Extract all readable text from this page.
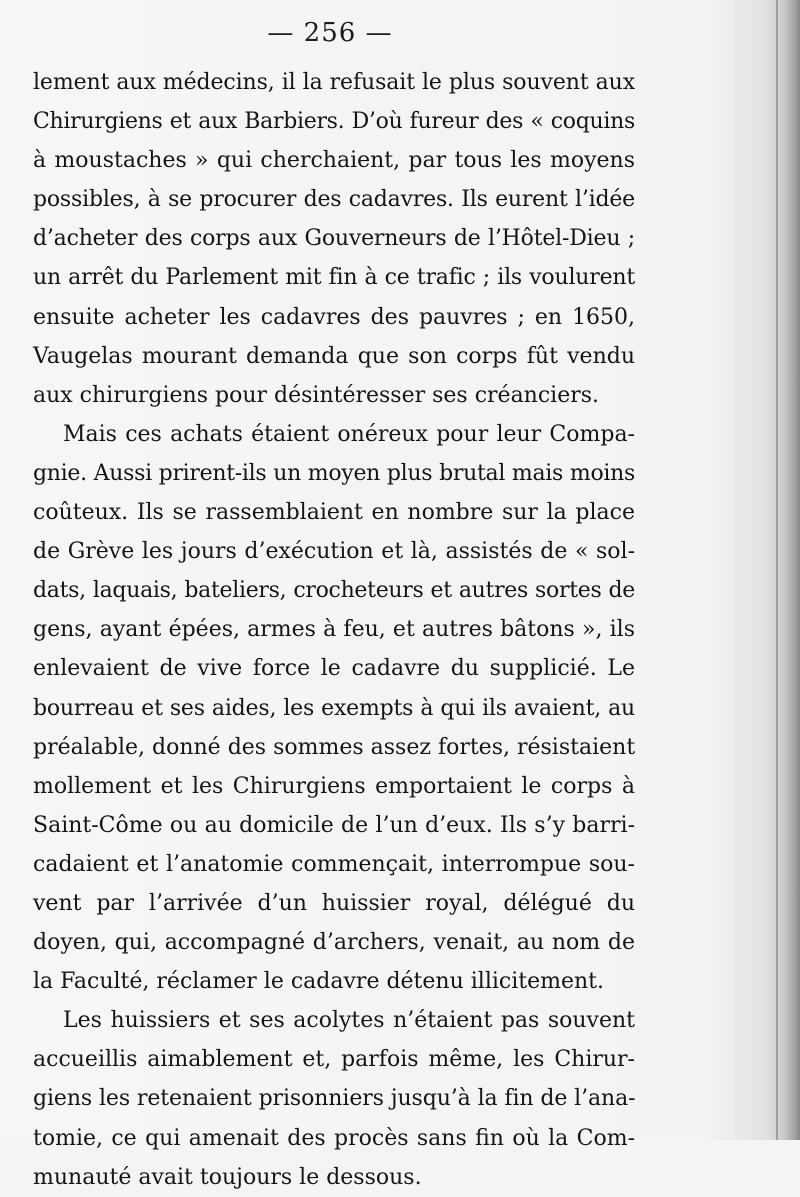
— 256 —
lement aux médecins, il la refusait le plus souvent aux
Chirurgiens et aux Barbiers. D’où fureur des « coquins
à moustaches » qui cherchaient, par tous les moyens
possibles, à se procurer des cadavres. Ils eurent l’idée
d’acheter des corps aux Gouverneurs de l’Hôtel-Dieu ;
un arrêt du Parlement mit fin à ce trafic ; ils voulurent
ensuite acheter les cadavres des pauvres ; en 1650,
Vaugelas mourant demanda que son corps fût vendu
aux chirurgiens pour désintéresser ses créanciers.
Mais ces achats étaient onéreux pour leur Compa-
gnie. Aussi prirent-ils un moyen plus brutal mais moins
coûteux. Ils se rassemblaient en nombre sur la place
de Grève les jours d’exécution et là, assistés de « sol-
dats, laquais, bateliers, crocheteurs et autres sortes de
gens, ayant épées, armes à feu, et autres bâtons », ils
enlevaient de vive force le cadavre du supplicié. Le
bourreau et ses aides, les exempts à qui ils avaient, au
préalable, donné des sommes assez fortes, résistaient
mollement et les Chirurgiens emportaient le corps à
Saint-Côme ou au domicile de l’un d’eux. Ils s’y barri-
cadaient et l’anatomie commençait, interrompue sou-
vent par l’arrivée d’un huissier royal, délégué du
doyen, qui, accompagné d’archers, venait, au nom de
la Faculté, réclamer le cadavre détenu illicitement.
Les huissiers et ses acolytes n’étaient pas souvent
accueillis aimablement et, parfois même, les Chirur-
giens les retenaient prisonniers jusqu’à la fin de l’ana-
tomie, ce qui amenait des procès sans fin où la Com-
munauté avait toujours le dessous.
